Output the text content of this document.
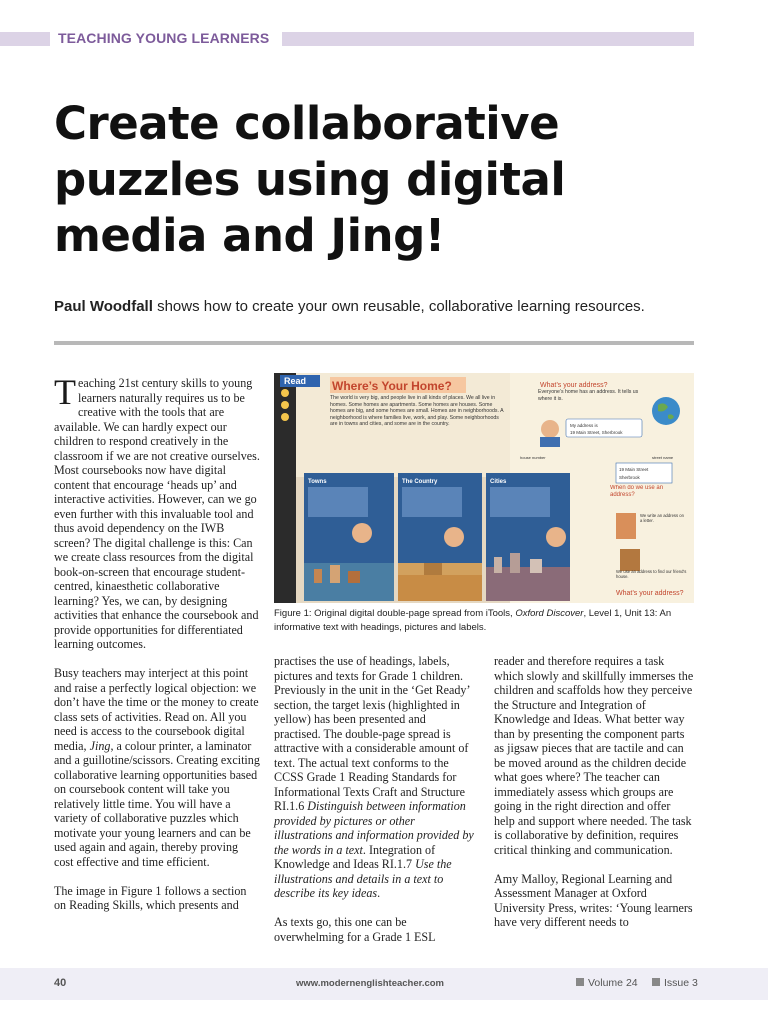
TEACHING YOUNG LEARNERS
Create collaborative
puzzles using digital
media and Jing!
Paul Woodfall shows how to create your own reusable, collaborative learning resources.

Teaching 21st century skills to young learners naturally requires us to be creative with the tools that are available. We can hardly expect our children to respond creatively in the classroom if we are not creative ourselves. Most coursebooks now have digital content that encourage ‘heads up’ and interactive activities. However, can we go even further with this invaluable tool and thus avoid dependency on the IWB screen? The digital challenge is this: Can we create class resources from the digital book-on-screen that encourage student-centred, kinaesthetic collaborative learning? Yes, we can, by designing activities that enhance the coursebook and provide opportunities for differentiated learning outcomes.

Busy teachers may interject at this point and raise a perfectly logical objection: we don’t have the time or the money to create class sets of activities. Read on. All you need is access to the coursebook digital media, Jing, a colour printer, a laminator and a guillotine/scissors. Creating exciting collaborative learning opportunities based on coursebook content will take you relatively little time. You will have a variety of collaborative puzzles which motivate your young learners and can be used again and again, thereby proving cost effective and time efficient.

The image in Figure 1 follows a section on Reading Skills, which presents and

Read Where’s Your Home?
The world is very big, and people live in all kinds of places. We all live in homes. Some homes are apartments. Some homes are houses. Some homes are big, and some homes are small. Homes are in neighborhoods. A neighborhood is where families live, work, and play. Some neighborhoods are in towns and cities, and some are in the country.
What’s your address?
Everyone’s home has an address. It tells us where it is.
My address is
19 Main Street, Sherbrook
house number	street name
19 Main Street
Sherbrook
When do we use an address?
We write an address on a letter.
We use an address to find our friend’s house.
What’s your address?
Towns	The Country	Cities
Figure 1: Original digital double-page spread from iTools, Oxford Discover, Level 1, Unit 13: An informative text with headings, pictures and labels.

practises the use of headings, labels, pictures and texts for Grade 1 children. Previously in the unit in the ‘Get Ready’ section, the target lexis (highlighted in yellow) has been presented and practised. The double-page spread is attractive with a considerable amount of text. The actual text conforms to the CCSS Grade 1 Reading Standards for Informational Texts Craft and Structure RI.1.6 Distinguish between information provided by pictures or other illustrations and information provided by the words in a text. Integration of Knowledge and Ideas RI.1.7 Use the illustrations and details in a text to describe its key ideas.

As texts go, this one can be overwhelming for a Grade 1 ESL

reader and therefore requires a task which slowly and skillfully immerses the children and scaffolds how they perceive the Structure and Integration of Knowledge and Ideas. What better way than by presenting the component parts as jigsaw pieces that are tactile and can be moved around as the children decide what goes where? The teacher can immediately assess which groups are going in the right direction and offer help and support where needed. The task is collaborative by definition, requires critical thinking and communication.

Amy Malloy, Regional Learning and Assessment Manager at Oxford University Press, writes: ‘Young learners have very different needs to

40	www.modernenglishteacher.com	Volume 24	Issue 3
